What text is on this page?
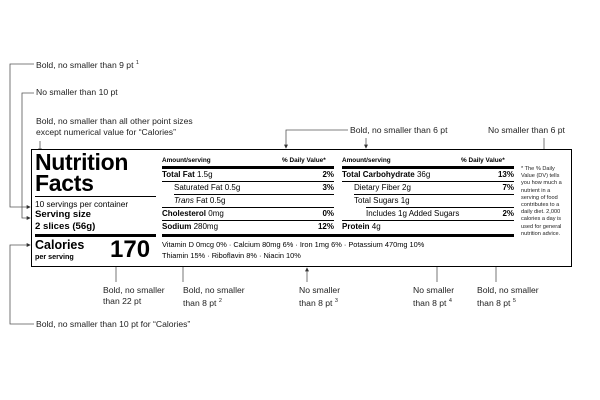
Bold, no smaller than 9 pt $^1$
No smaller than 10 pt
Bold, no smaller than all other point sizes
except numerical value for “Calories”	Bold, no smaller than 6 pt	No smaller than 6 pt
Bold, no smaller
than 22 pt
Bold, no smaller
than 8 pt $^2$
No smaller
than 8 pt $^3$
No smaller
than 8 pt $^4$
Bold, no smaller
than 8 pt $^5$
Bold, no smaller than 10 pt for “Calories”
Nutrition
Facts
10 servings per container
Serving size
2 slices (56g)
Calories
per serving 170
Amount/serving	% Daily Value*
Total Fat 1.5g	2%
Saturated Fat 0.5g	3%
Trans Fat 0.5g
Cholesterol 0mg	0%
Sodium 280mg	12%
Amount/serving	% Daily Value*
Total Carbohydrate 36g	13%
Dietary Fiber 2g	7%
Total Sugars 1g
Includes 1g Added Sugars	2%
Protein 4g
Vitamin D 0mcg 0% · Calcium 80mg 6% · Iron 1mg 6% · Potassium 470mg 10%
Thiamin 15% · Riboflavin 8% · Niacin 10%
* The % Daily Value (DV) tells you how much a nutrient in a serving of food contributes to a daily diet. 2,000 calories a day is used for general nutrition advice.
